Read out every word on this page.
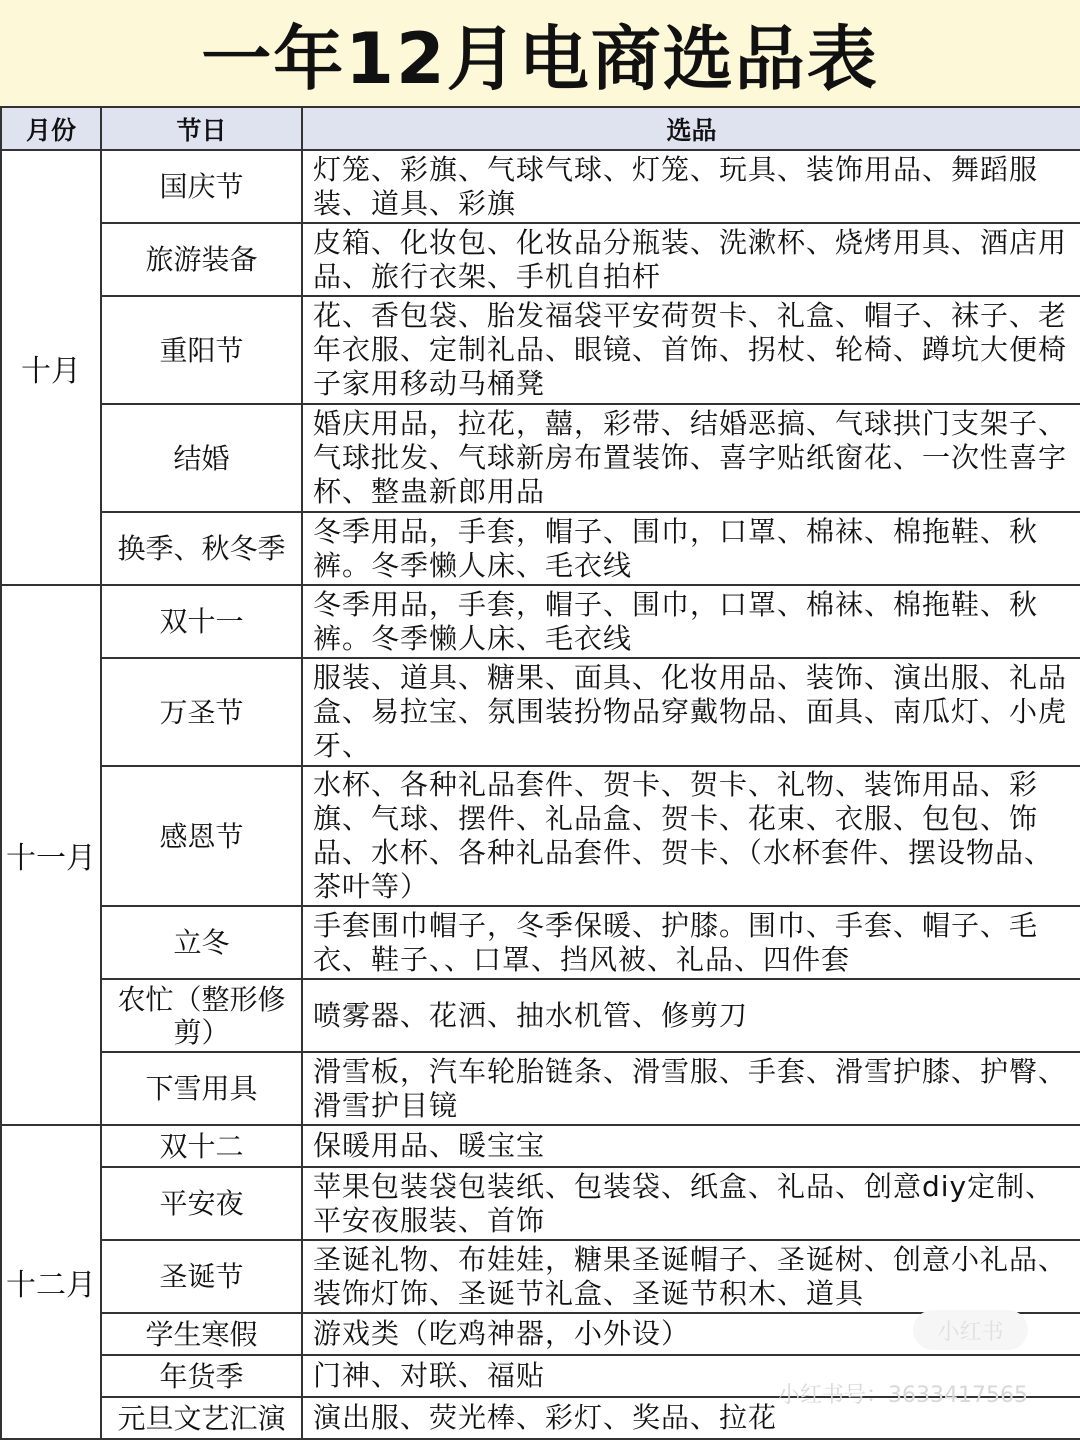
一年12月电商选品表
月份	节日	选品
十月	国庆节	灯笼、彩旗、气球气球、灯笼、玩具、装饰用品、舞蹈服装、道具、彩旗
	旅游装备	皮箱、化妆包、化妆品分瓶装、洗漱杯、烧烤用具、酒店用品、旅行衣架、手机自拍杆
	重阳节	花、香包袋、胎发福袋平安荷贺卡、礼盒、帽子、袜子、老年衣服、定制礼品、眼镜、首饰、拐杖、轮椅、蹲坑大便椅子家用移动马桶凳
	结婚	婚庆用品，拉花，囍，彩带、结婚恶搞、气球拱门支架子、气球批发、气球新房布置装饰、喜字贴纸窗花、一次性喜字杯、整蛊新郎用品
	换季、秋冬季	冬季用品，手套，帽子、围巾，口罩、棉袜、棉拖鞋、秋裤。冬季懒人床、毛衣线
十一月	双十一	冬季用品，手套，帽子、围巾，口罩、棉袜、棉拖鞋、秋裤。冬季懒人床、毛衣线
	万圣节	服装、道具、糖果、面具、化妆用品、装饰、演出服、礼品盒、易拉宝、氛围装扮物品穿戴物品、面具、南瓜灯、小虎牙、
	感恩节	水杯、各种礼品套件、贺卡、贺卡、礼物、装饰用品、彩旗、气球、摆件、礼品盒、贺卡、花束、衣服、包包、饰品、水杯、各种礼品套件、贺卡、（水杯套件、摆设物品、茶叶等）
	立冬	手套围巾帽子，冬季保暖、护膝。围巾、手套、帽子、毛衣、鞋子、、口罩、挡风被、礼品、四件套
	农忙（整形修剪）	喷雾器、花洒、抽水机管、修剪刀
	下雪用具	滑雪板，汽车轮胎链条、滑雪服、手套、滑雪护膝、护臀、滑雪护目镜
十二月	双十二	保暖用品、暖宝宝
	平安夜	苹果包装袋包装纸、包装袋、纸盒、礼品、创意diy定制、平安夜服装、首饰
	圣诞节	圣诞礼物、布娃娃，糖果圣诞帽子、圣诞树、创意小礼品、装饰灯饰、圣诞节礼盒、圣诞节积木、道具
	学生寒假	游戏类（吃鸡神器，小外设）
	年货季	门神、对联、福贴
	元旦文艺汇演	演出服、荧光棒、彩灯、奖品、拉花
小红书
小红书号：3633417565
